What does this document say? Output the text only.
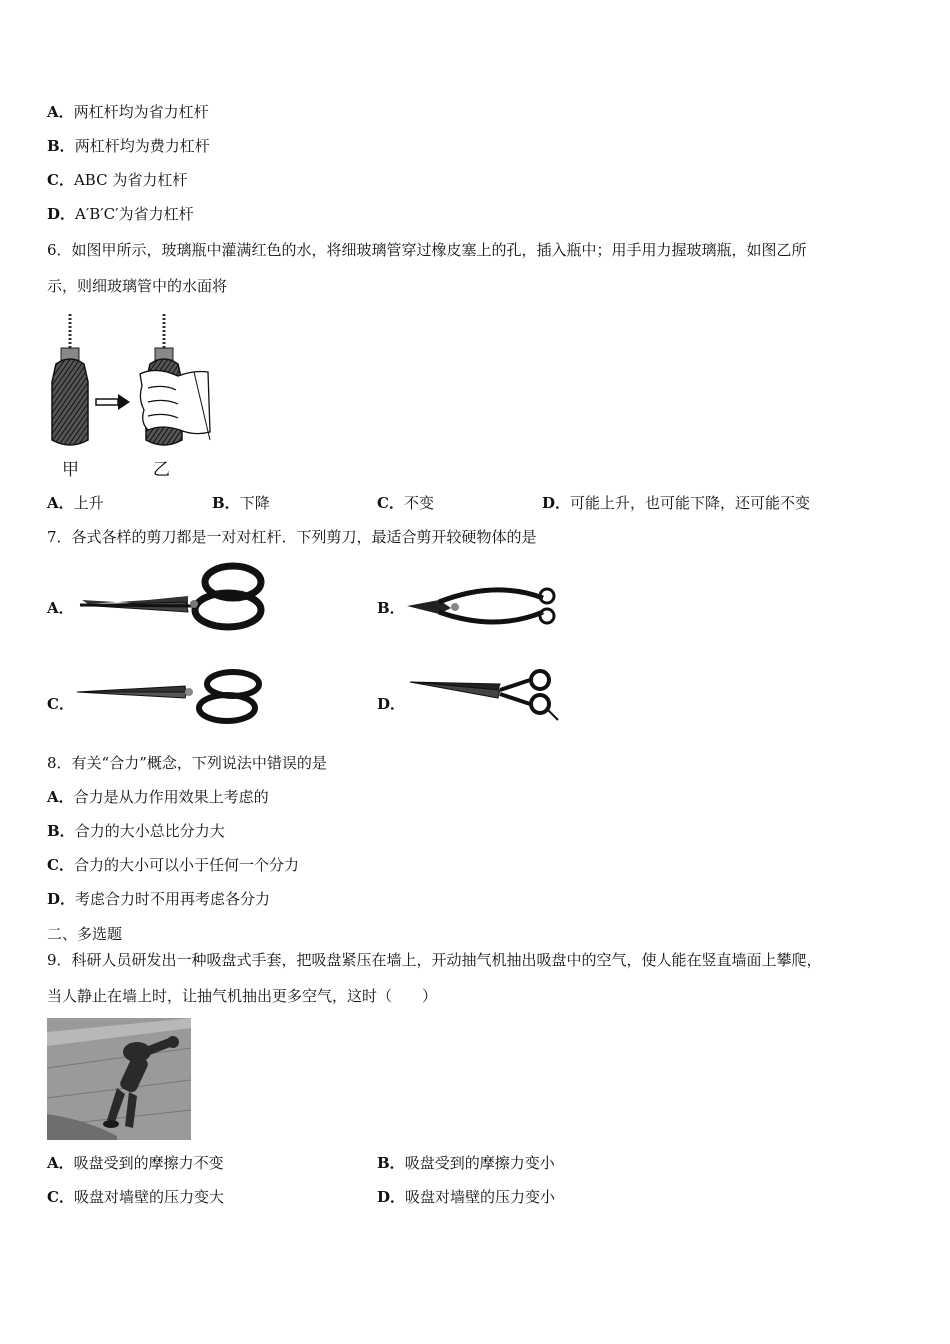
A．两杠杆均为省力杠杆
B．两杠杆均为费力杠杆
C．ABC 为省力杠杆
D．A′B′C′为省力杠杆
6．如图甲所示，玻璃瓶中灌满红色的水，将细玻璃管穿过橡皮塞上的孔，插入瓶中；用手用力握玻璃瓶，如图乙所
示，则细玻璃管中的水面将
甲	乙
A．上升	B．下降	C．不变	D．可能上升，也可能下降，还可能不变
7．各式各样的剪刀都是一对对杠杆．下列剪刀，最适合剪开较硬物体的是
A．	B．
C．	D．
8．有关“合力”概念，下列说法中错误的是
A．合力是从力作用效果上考虑的
B．合力的大小总比分力大
C．合力的大小可以小于任何一个分力
D．考虑合力时不用再考虑各分力
二、多选题
9．科研人员研发出一种吸盘式手套，把吸盘紧压在墙上，开动抽气机抽出吸盘中的空气，使人能在竖直墙面上攀爬，
当人静止在墙上时，让抽气机抽出更多空气，这时（　　）
A．吸盘受到的摩擦力不变	B．吸盘受到的摩擦力变小
C．吸盘对墙壁的压力变大	D．吸盘对墙壁的压力变小
